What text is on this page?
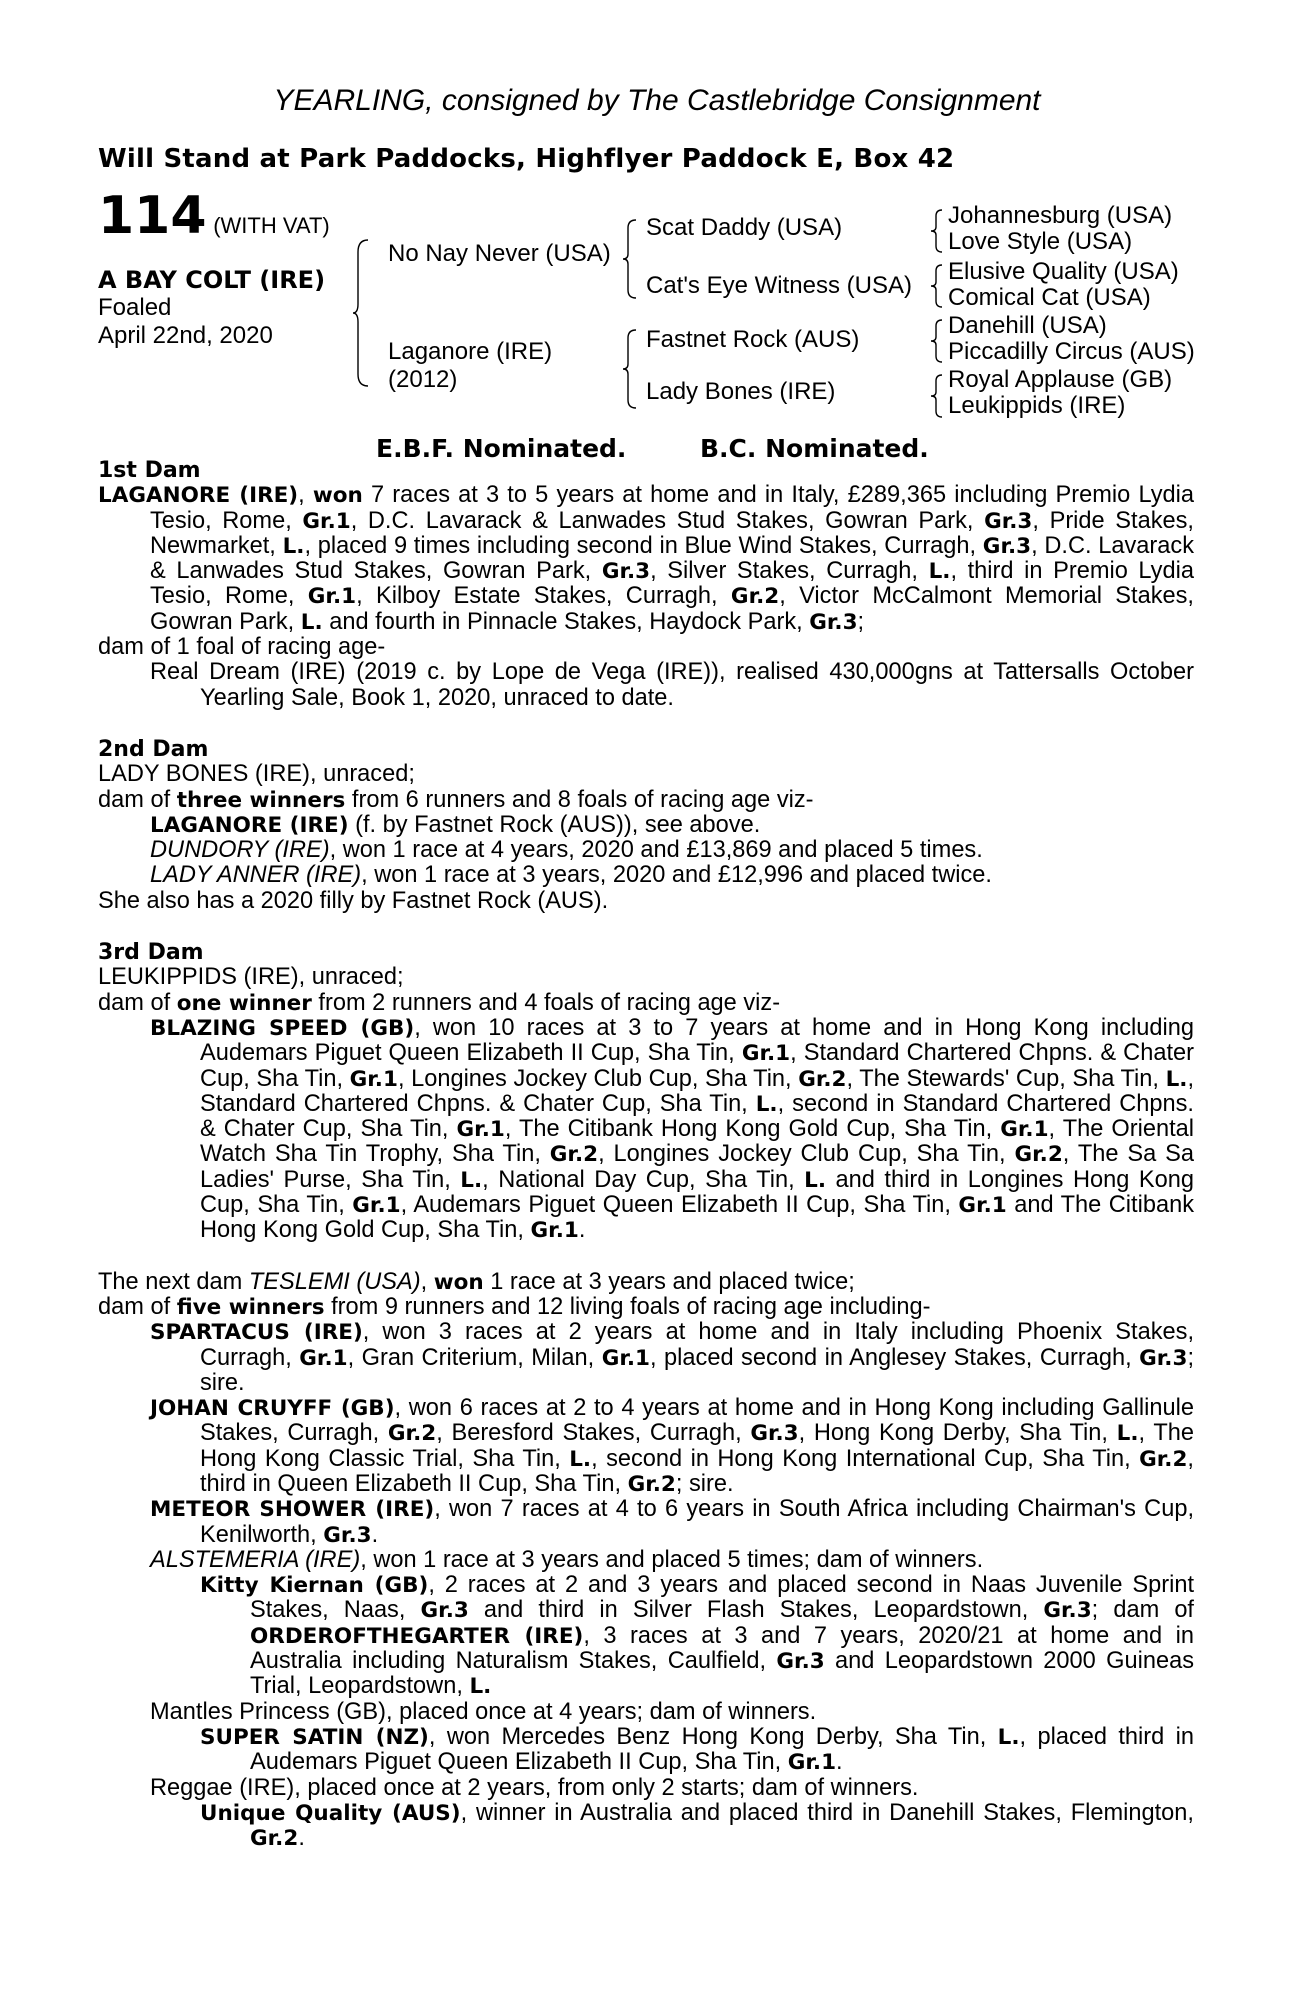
YEARLING, consigned by The Castlebridge Consignment
Will Stand at Park Paddocks, Highflyer Paddock E, Box 42
114 (WITH VAT)
A BAY COLT (IRE)
Foaled
April 22nd, 2020
No Nay Never (USA)
Laganore (IRE)
(2012)
Scat Daddy (USA)
Cat's Eye Witness (USA)
Fastnet Rock (AUS)
Lady Bones (IRE)
Johannesburg (USA)
Love Style (USA)
Elusive Quality (USA)
Comical Cat (USA)
Danehill (USA)
Piccadilly Circus (AUS)
Royal Applause (GB)
Leukippids (IRE)
E.B.F. Nominated.	B.C. Nominated.
1st Dam
LAGANORE (IRE), won 7 races at 3 to 5 years at home and in Italy, £289,365 including Premio Lydia Tesio, Rome, Gr.1, D.C. Lavarack & Lanwades Stud Stakes, Gowran Park, Gr.3, Pride Stakes, Newmarket, L., placed 9 times including second in Blue Wind Stakes, Curragh, Gr.3, D.C. Lavarack & Lanwades Stud Stakes, Gowran Park, Gr.3, Silver Stakes, Curragh, L., third in Premio Lydia Tesio, Rome, Gr.1, Kilboy Estate Stakes, Curragh, Gr.2, Victor McCalmont Memorial Stakes, Gowran Park, L. and fourth in Pinnacle Stakes, Haydock Park, Gr.3;
dam of 1 foal of racing age-
Real Dream (IRE) (2019 c. by Lope de Vega (IRE)), realised 430,000gns at Tattersalls October Yearling Sale, Book 1, 2020, unraced to date.
2nd Dam
LADY BONES (IRE), unraced;
dam of three winners from 6 runners and 8 foals of racing age viz-
LAGANORE (IRE) (f. by Fastnet Rock (AUS)), see above.
DUNDORY (IRE), won 1 race at 4 years, 2020 and £13,869 and placed 5 times.
LADY ANNER (IRE), won 1 race at 3 years, 2020 and £12,996 and placed twice.
She also has a 2020 filly by Fastnet Rock (AUS).
3rd Dam
LEUKIPPIDS (IRE), unraced;
dam of one winner from 2 runners and 4 foals of racing age viz-
BLAZING SPEED (GB), won 10 races at 3 to 7 years at home and in Hong Kong including Audemars Piguet Queen Elizabeth II Cup, Sha Tin, Gr.1, Standard Chartered Chpns. & Chater Cup, Sha Tin, Gr.1, Longines Jockey Club Cup, Sha Tin, Gr.2, The Stewards' Cup, Sha Tin, L., Standard Chartered Chpns. & Chater Cup, Sha Tin, L., second in Standard Chartered Chpns. & Chater Cup, Sha Tin, Gr.1, The Citibank Hong Kong Gold Cup, Sha Tin, Gr.1, The Oriental Watch Sha Tin Trophy, Sha Tin, Gr.2, Longines Jockey Club Cup, Sha Tin, Gr.2, The Sa Sa Ladies' Purse, Sha Tin, L., National Day Cup, Sha Tin, L. and third in Longines Hong Kong Cup, Sha Tin, Gr.1, Audemars Piguet Queen Elizabeth II Cup, Sha Tin, Gr.1 and The Citibank Hong Kong Gold Cup, Sha Tin, Gr.1.
The next dam TESLEMI (USA), won 1 race at 3 years and placed twice;
dam of five winners from 9 runners and 12 living foals of racing age including-
SPARTACUS (IRE), won 3 races at 2 years at home and in Italy including Phoenix Stakes, Curragh, Gr.1, Gran Criterium, Milan, Gr.1, placed second in Anglesey Stakes, Curragh, Gr.3; sire.
JOHAN CRUYFF (GB), won 6 races at 2 to 4 years at home and in Hong Kong including Gallinule Stakes, Curragh, Gr.2, Beresford Stakes, Curragh, Gr.3, Hong Kong Derby, Sha Tin, L., The Hong Kong Classic Trial, Sha Tin, L., second in Hong Kong International Cup, Sha Tin, Gr.2, third in Queen Elizabeth II Cup, Sha Tin, Gr.2; sire.
METEOR SHOWER (IRE), won 7 races at 4 to 6 years in South Africa including Chairman's Cup, Kenilworth, Gr.3.
ALSTEMERIA (IRE), won 1 race at 3 years and placed 5 times; dam of winners.
Kitty Kiernan (GB), 2 races at 2 and 3 years and placed second in Naas Juvenile Sprint Stakes, Naas, Gr.3 and third in Silver Flash Stakes, Leopardstown, Gr.3; dam of ORDEROFTHEGARTER (IRE), 3 races at 3 and 7 years, 2020/21 at home and in Australia including Naturalism Stakes, Caulfield, Gr.3 and Leopardstown 2000 Guineas Trial, Leopardstown, L.
Mantles Princess (GB), placed once at 4 years; dam of winners.
SUPER SATIN (NZ), won Mercedes Benz Hong Kong Derby, Sha Tin, L., placed third in Audemars Piguet Queen Elizabeth II Cup, Sha Tin, Gr.1.
Reggae (IRE), placed once at 2 years, from only 2 starts; dam of winners.
Unique Quality (AUS), winner in Australia and placed third in Danehill Stakes, Flemington, Gr.2.
